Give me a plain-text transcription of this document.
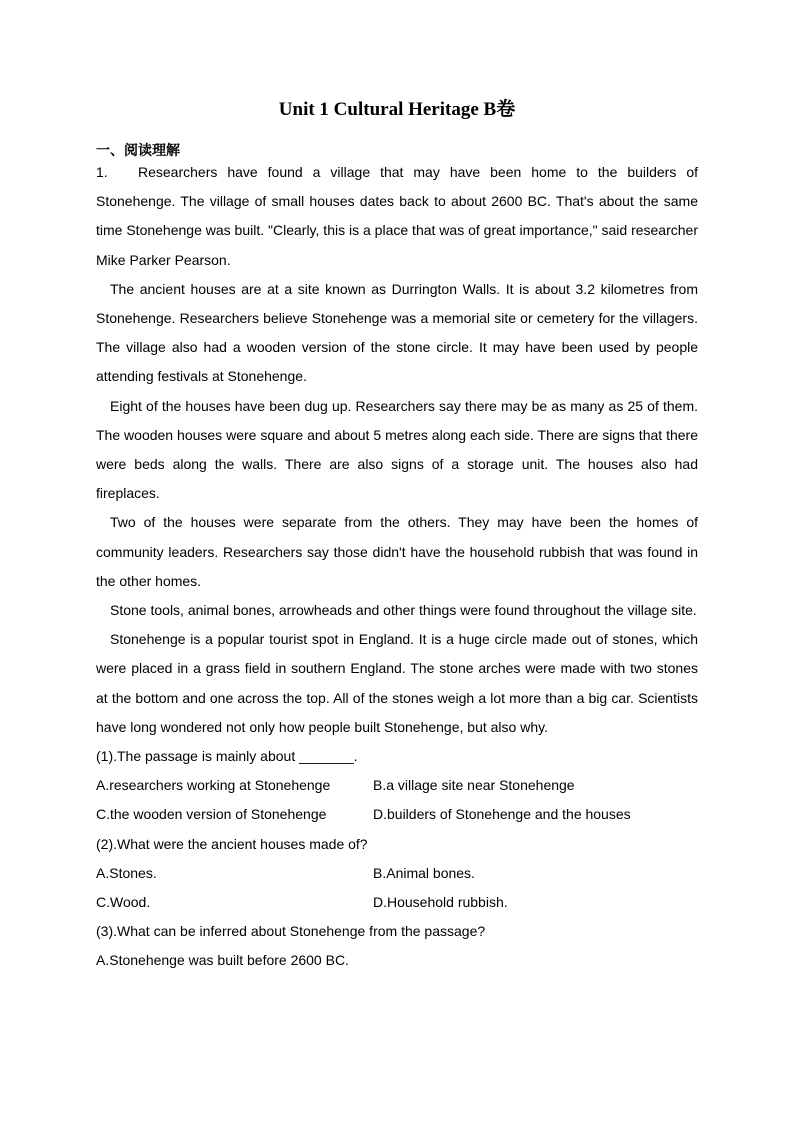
Unit 1 Cultural Heritage B卷
一、阅读理解

1. Researchers have found a village that may have been home to the builders of Stonehenge. The village of small houses dates back to about 2600 BC. That's about the same time Stonehenge was built. "Clearly, this is a place that was of great importance," said researcher Mike Parker Pearson.

The ancient houses are at a site known as Durrington Walls. It is about 3.2 kilometres from Stonehenge. Researchers believe Stonehenge was a memorial site or cemetery for the villagers. The village also had a wooden version of the stone circle. It may have been used by people attending festivals at Stonehenge.

Eight of the houses have been dug up. Researchers say there may be as many as 25 of them. The wooden houses were square and about 5 metres along each side. There are signs that there were beds along the walls. There are also signs of a storage unit. The houses also had fireplaces.

Two of the houses were separate from the others. They may have been the homes of community leaders. Researchers say those didn't have the household rubbish that was found in the other homes.

Stone tools, animal bones, arrowheads and other things were found throughout the village site.

Stonehenge is a popular tourist spot in England. It is a huge circle made out of stones, which were placed in a grass field in southern England. The stone arches were made with two stones at the bottom and one across the top. All of the stones weigh a lot more than a big car. Scientists have long wondered not only how people built Stonehenge, but also why.

(1).The passage is mainly about _______.

A.researchers working at Stonehenge	B.a village site near Stonehenge
C.the wooden version of Stonehenge	D.builders of Stonehenge and the houses

(2).What were the ancient houses made of?

A.Stones.	B.Animal bones.
C.Wood.	D.Household rubbish.

(3).What can be inferred about Stonehenge from the passage?

A.Stonehenge was built before 2600 BC.
